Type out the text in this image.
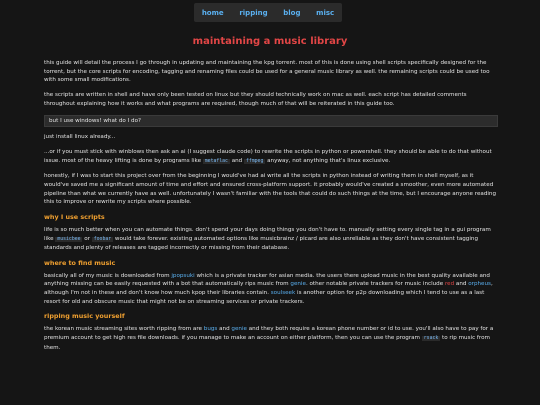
home ripping blog misc
maintaining a music library

this guide will detail the process I go through in updating and maintaining the kpg torrent. most of this is done using shell scripts specifically designed for the torrent, but the core scripts for encoding, tagging and renaming files could be used for a general music library as well. the remaining scripts could be used too with some small modifications.

the scripts are written in shell and have only been tested on linux but they should technically work on mac as well. each script has detailed comments throughout explaining how it works and what programs are required, though much of that will be reiterated in this guide too.

but I use windows! what do I do?

just install linux already...

...or if you must stick with winblows then ask an ai (I suggest claude code) to rewrite the scripts in python or powershell. they should be able to do that without issue. most of the heavy lifting is done by programs like metaflac and ffmpeg anyway, not anything that's linux exclusive.

honestly, if I was to start this project over from the beginning I would've had ai write all the scripts in python instead of writing them in shell myself, as it would've saved me a significant amount of time and effort and ensured cross-platform support. it probably would've created a smoother, even more automated pipeline than what we currently have as well. unfortunately I wasn't familiar with the tools that could do such things at the time, but I encourage anyone reading this to improve or rewrite my scripts where possible.

why I use scripts

life is so much better when you can automate things. don't spend your days doing things you don't have to. manually setting every single tag in a gui program like musicbee or foobar would take forever. existing automated options like musicbrainz / picard are also unreliable as they don't have consistent tagging standards and plenty of releases are tagged incorrectly or missing from their database.

where to find music

basically all of my music is downloaded from jpopsuki which is a private tracker for asian media. the users there upload music in the best quality available and anything missing can be easily requested with a bot that automatically rips music from genie. other notable private trackers for music include red and orpheus, although I'm not in these and don't know how much kpop their libraries contain. soulseek is another option for p2p downloading which I tend to use as a last resort for old and obscure music that might not be on streaming services or private trackers.

ripping music yourself

the korean music streaming sites worth ripping from are bugs and genie and they both require a korean phone number or id to use. you'll also have to pay for a premium account to get high res file downloads. if you manage to make an account on either platform, then you can use the program rsack to rip music from them.
